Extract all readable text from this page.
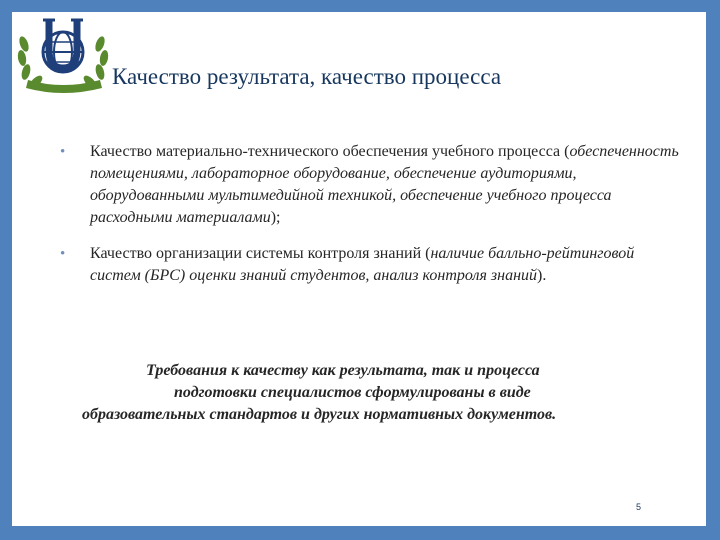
Качество результата, качество процесса
• Качество материально-технического обеспечения учебного процесса (обеспеченность помещениями, лабораторное оборудование, обеспечение аудиториями, оборудованными мультимедийной техникой, обеспечение учебного процесса расходными материалами);
• Качество организации системы контроля знаний (наличие балльно-рейтинговой систем (БРС) оценки знаний студентов, анализ контроля знаний).
Требования к качеству как результата, так и процесса
подготовки специалистов сформулированы в виде
образовательных стандартов и других нормативных документов.
5
